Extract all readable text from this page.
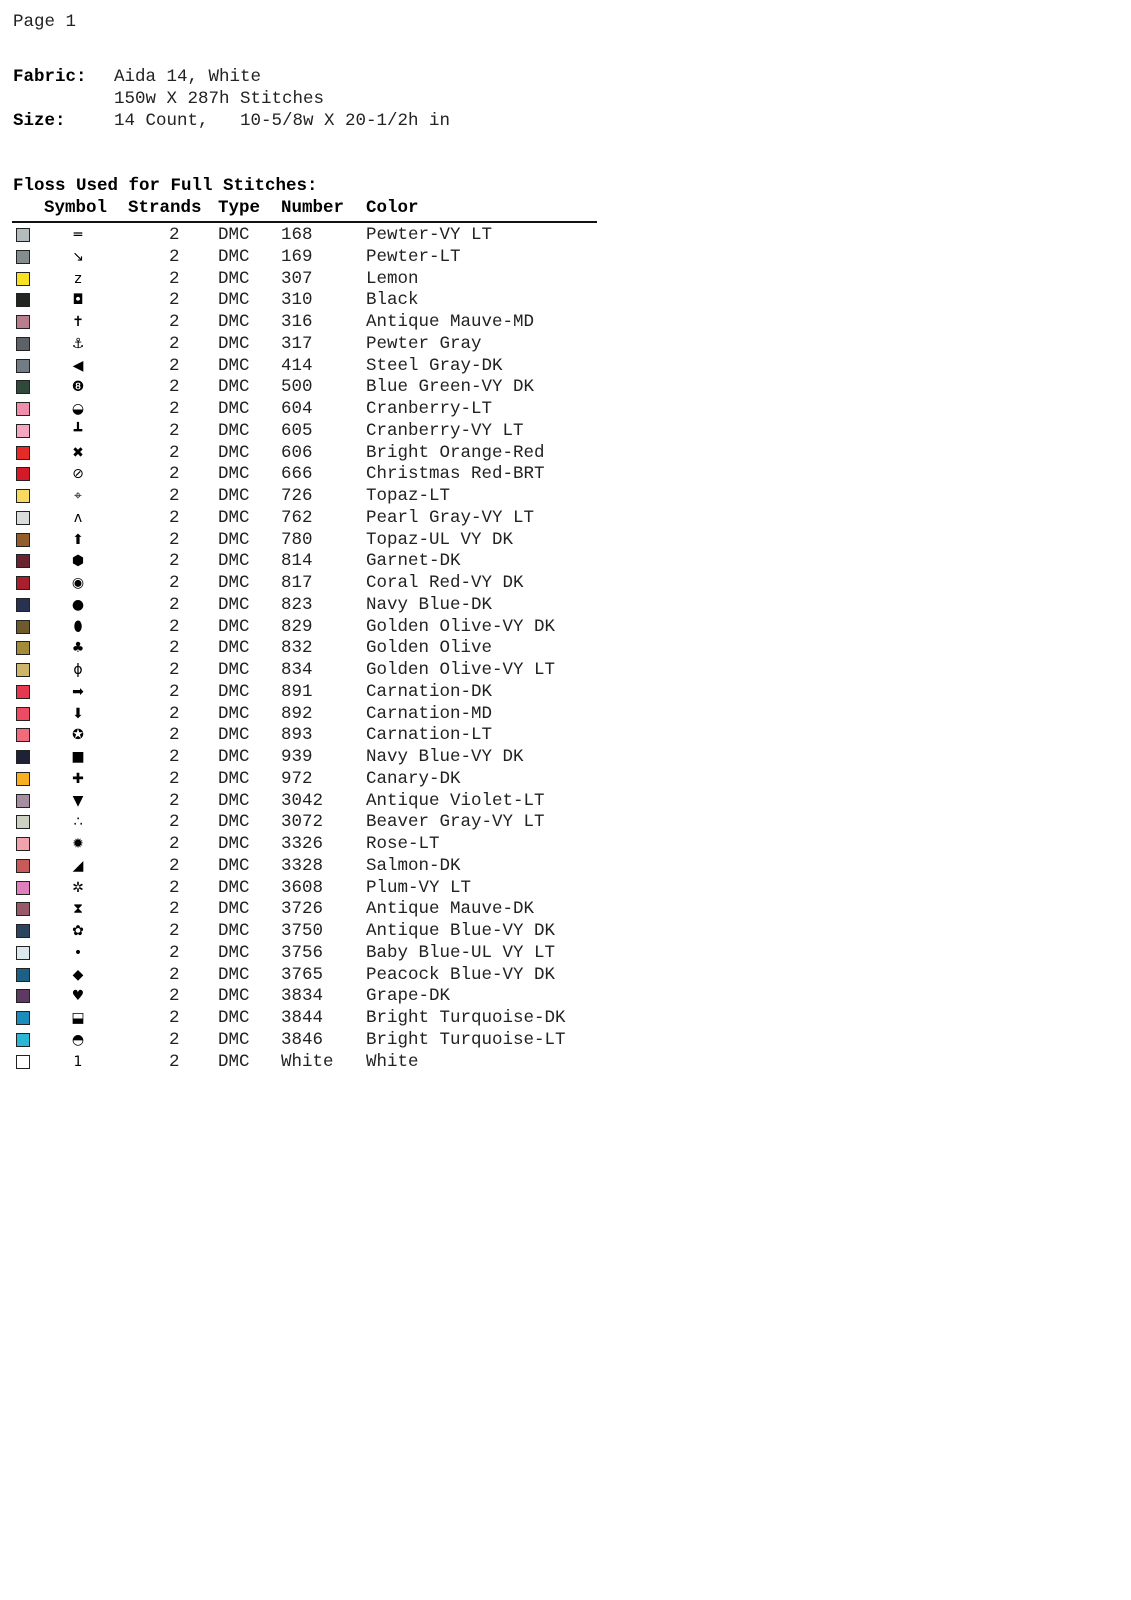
Page 1
Fabric: Aida 14, White
150w X 287h Stitches
Size:	14 Count,   10-5/8w X 20-1/2h in
Floss Used for Full Stitches:
Symbol Strands Type Number Color
═	2 DMC 168	Pewter-VY LT
↘	2 DMC 169	Pewter-LT
z	2 DMC 307	Lemon
◘	2 DMC 310	Black
✝	2 DMC 316	Antique Mauve-MD
⚓	2 DMC 317	Pewter Gray
◀	2 DMC 414	Steel Gray-DK
❽	2 DMC 500	Blue Green-VY DK
◒	2 DMC 604	Cranberry-LT
┻	2 DMC 605	Cranberry-VY LT
✖	2 DMC 606	Bright Orange-Red
⊘	2 DMC 666	Christmas Red-BRT
⌖	2 DMC 726	Topaz-LT
ʌ	2 DMC 762	Pearl Gray-VY LT
⬆	2 DMC 780	Topaz-UL VY DK
⬢	2 DMC 814	Garnet-DK
◉	2 DMC 817	Coral Red-VY DK
●	2 DMC 823	Navy Blue-DK
⬮	2 DMC 829	Golden Olive-VY DK
♣	2 DMC 832	Golden Olive
ɸ	2 DMC 834	Golden Olive-VY LT
➡	2 DMC 891	Carnation-DK
⬇	2 DMC 892	Carnation-MD
✪	2 DMC 893	Carnation-LT
■	2 DMC 939	Navy Blue-VY DK
✚	2 DMC 972	Canary-DK
▼	2 DMC 3042 Antique Violet-LT
∴	2 DMC 3072 Beaver Gray-VY LT
✹	2 DMC 3326 Rose-LT
◢	2 DMC 3328 Salmon-DK
✲	2 DMC 3608 Plum-VY LT
⧗	2 DMC 3726 Antique Mauve-DK
✿	2 DMC 3750 Antique Blue-VY DK
•	2 DMC 3756 Baby Blue-UL VY LT
◆	2 DMC 3765 Peacock Blue-VY DK
♥	2 DMC 3834 Grape-DK
⬓	2 DMC 3844 Bright Turquoise-DK
◓	2 DMC 3846 Bright Turquoise-LT
1	2 DMC White White
